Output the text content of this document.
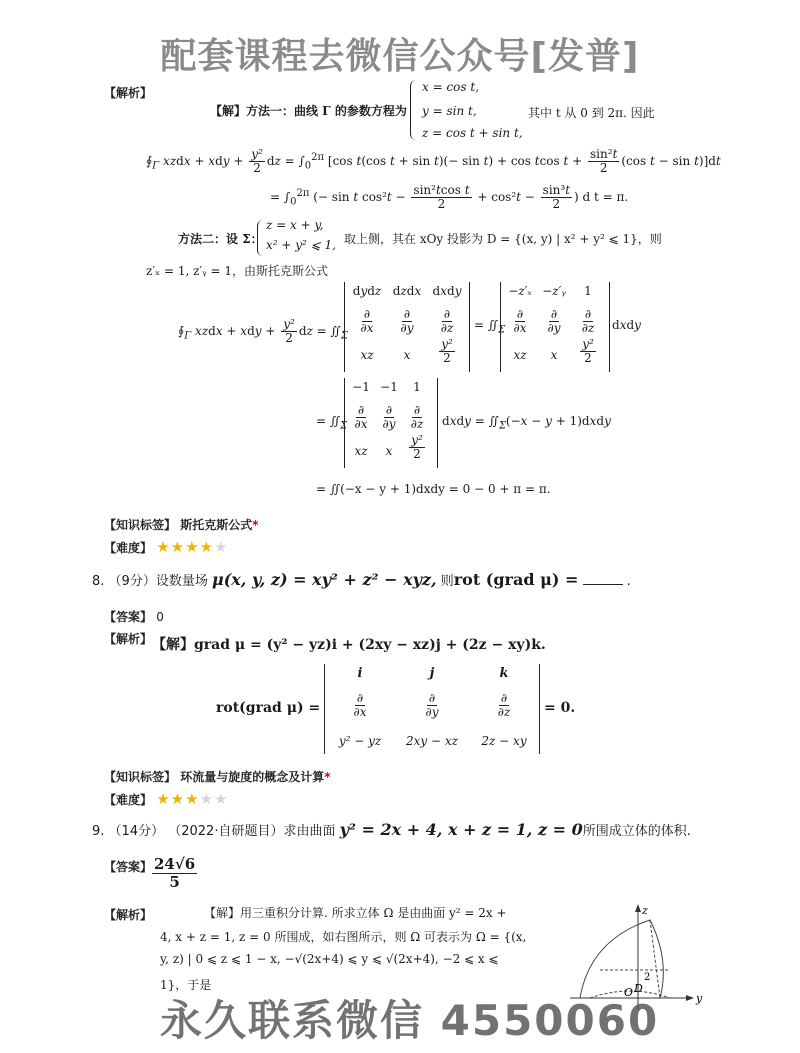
配套课程去微信公众号[发普]
【解析】
【解】方法一：曲线 Γ 的参数方程为
x = cos t,
y = sin t,
z = cos t + sin t,
其中 t 从 0 到 2π. 因此
$∮_\Gamma$ xzdx + xdy + $\frac{\text{y²}}{2}$ dz = $\int_0^{2\pi}$ [cos t(cos t + sin t)(− sin t) + cos tcos $t + \frac{\text{sin²t}}{2} (\cos$ t − sin t)]dt
= $\int_0^{2\pi}$ (− sin t $\cos^2t - \frac{\text{sin²tcos t}}{2} + \cos^2t - \frac{\text{sin³t}}{2}$ ) d t = π.
方法二：设 Σ：
z = x + y,
x² + y² ⩽ 1, 取上侧，其在 xOy 投影为 D = {(x, y) | x² + y² ⩽ 1}，则
z′ₓ = 1, z′ᵧ = 1，由斯托克斯公式
$∮_\Gamma$ xzdx + xdy + $\frac{\text{y²}}{2}$ dz = $∬_\Sigma$
dydz dzdx dxdy
$\frac{\partial}{\partial x} \frac{\partial}{\partial y} \frac{\partial}{\partial z}$
xz	x	$\frac{\text{y²}}{2}$
= $∬_\Sigma$
−z′ₓ −z′ᵧ	1
$\frac{\partial}{\partial x} \frac{\partial}{\partial y} \frac{\partial}{\partial z}$
xz	x	$\frac{\text{y²}}{2}$
dxdy
= $∬_\Sigma$
−1 −1	1
$\frac{\partial}{\partial x} \frac{\partial}{\partial y} \frac{\partial}{\partial z}$
xz	x	$\frac{\text{y²}}{2}$
dxdy = $∬_\Sigma(-x - y$ + 1)dxdy
= ∬(−x − y + 1)dxdy = 0 − 0 + π = π.
【知识标签】 斯托克斯公式*
【难度】 ★★★★★
8. （9分）设数量场 μ(x, y, z) = xy² + z² − xyz, 则rot (grad μ) =	.
【答案】 0
【解析】 【解】grad μ = (y² − yz)i + (2xy − xz)j + (2z − xy)k.
rot(grad μ) =
i	j	k
$\frac{\partial}{\partial x}$	$\frac{\partial}{\partial y}$	$\frac{\partial}{\partial z}$
y² − yz	2xy − xz	2z − xy
= 0.
【知识标签】 环流量与旋度的概念及计算*
【难度】 ★★★★★
9. （14分） （2022·自研题目）求由曲面 y² = 2x + 4, x + z = 1, z = 0所围成立体的体积.
【答案】 $\frac{24√6}{5}$
【解析】	【解】用三重积分计算. 所求立体 Ω 是由曲面 y² = 2x +
4, x + z = 1, z = 0 所围成，如右图所示，则 Ω 可表示为 Ω = {(x,
y, z) | 0 ⩽ z ⩽ 1 − x, −√(2x+4) ⩽ y ⩽ √(2x+4), −2 ⩽ x ⩽
1}，于是
z
y
O D
2
永久联系微信 4550060
